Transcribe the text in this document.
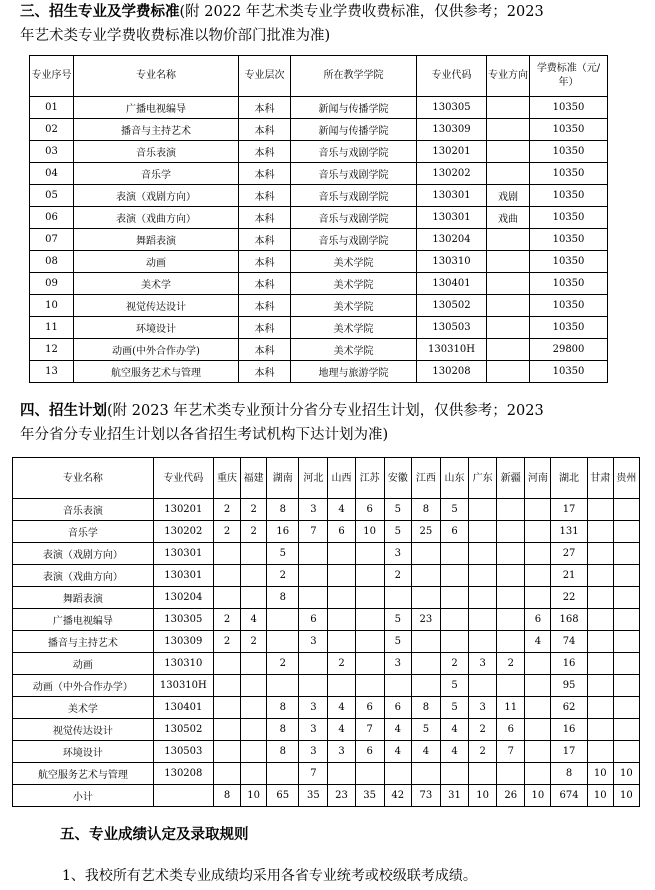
三、招生专业及学费标准(附 2022 年艺术类专业学费收费标准，仅供参考；2023
年艺术类专业学费收费标准以物价部门批准为准)

专业序号	专业名称	专业层次	所在教学学院	专业代码	专业方向	学费标准（元/年）
01	广播电视编导	本科	新闻与传播学院	130305		10350
02	播音与主持艺术	本科	新闻与传播学院	130309		10350
03	音乐表演	本科	音乐与戏剧学院	130201		10350
04	音乐学	本科	音乐与戏剧学院	130202		10350
05	表演（戏剧方向）	本科	音乐与戏剧学院	130301	戏剧	10350
06	表演（戏曲方向）	本科	音乐与戏剧学院	130301	戏曲	10350
07	舞蹈表演	本科	音乐与戏剧学院	130204		10350
08	动画	本科	美术学院	130310		10350
09	美术学	本科	美术学院	130401		10350
10	视觉传达设计	本科	美术学院	130502		10350
11	环境设计	本科	美术学院	130503		10350
12	动画(中外合作办学)	本科	美术学院	130310H		29800
13	航空服务艺术与管理	本科	地理与旅游学院	130208		10350

四、招生计划(附 2023 年艺术类专业预计分省分专业招生计划，仅供参考；2023
年分省分专业招生计划以各省招生考试机构下达计划为准)

专业名称	专业代码	重庆	福建	湖南	河北	山西	江苏	安徽	江西	山东	广东	新疆	河南	湖北	甘肃	贵州
音乐表演	130201	2	2	8	3	4	6	5	8	5				17		
音乐学	130202	2	2	16	7	6	10	5	25	6				131		
表演（戏剧方向）	130301			5				3						27		
表演（戏曲方向）	130301			2				2						21		
舞蹈表演	130204			8										22		
广播电视编导	130305	2	4		6			5	23				6	168		
播音与主持艺术	130309	2	2		3			5					4	74		
动画	130310			2		2		3		2	3	2		16		
动画（中外合作办学）	130310H									5				95		
美术学	130401			8	3	4	6	6	8	5	3	11		62		
视觉传达设计	130502			8	3	4	7	4	5	4	2	6		16		
环境设计	130503			8	3	3	6	4	4	4	2	7		17		
航空服务艺术与管理	130208				7									8	10	10
小计		8	10	65	35	23	35	42	73	31	10	26	10	674	10	10

五、专业成绩认定及录取规则

1、我校所有艺术类专业成绩均采用各省专业统考或校级联考成绩。
